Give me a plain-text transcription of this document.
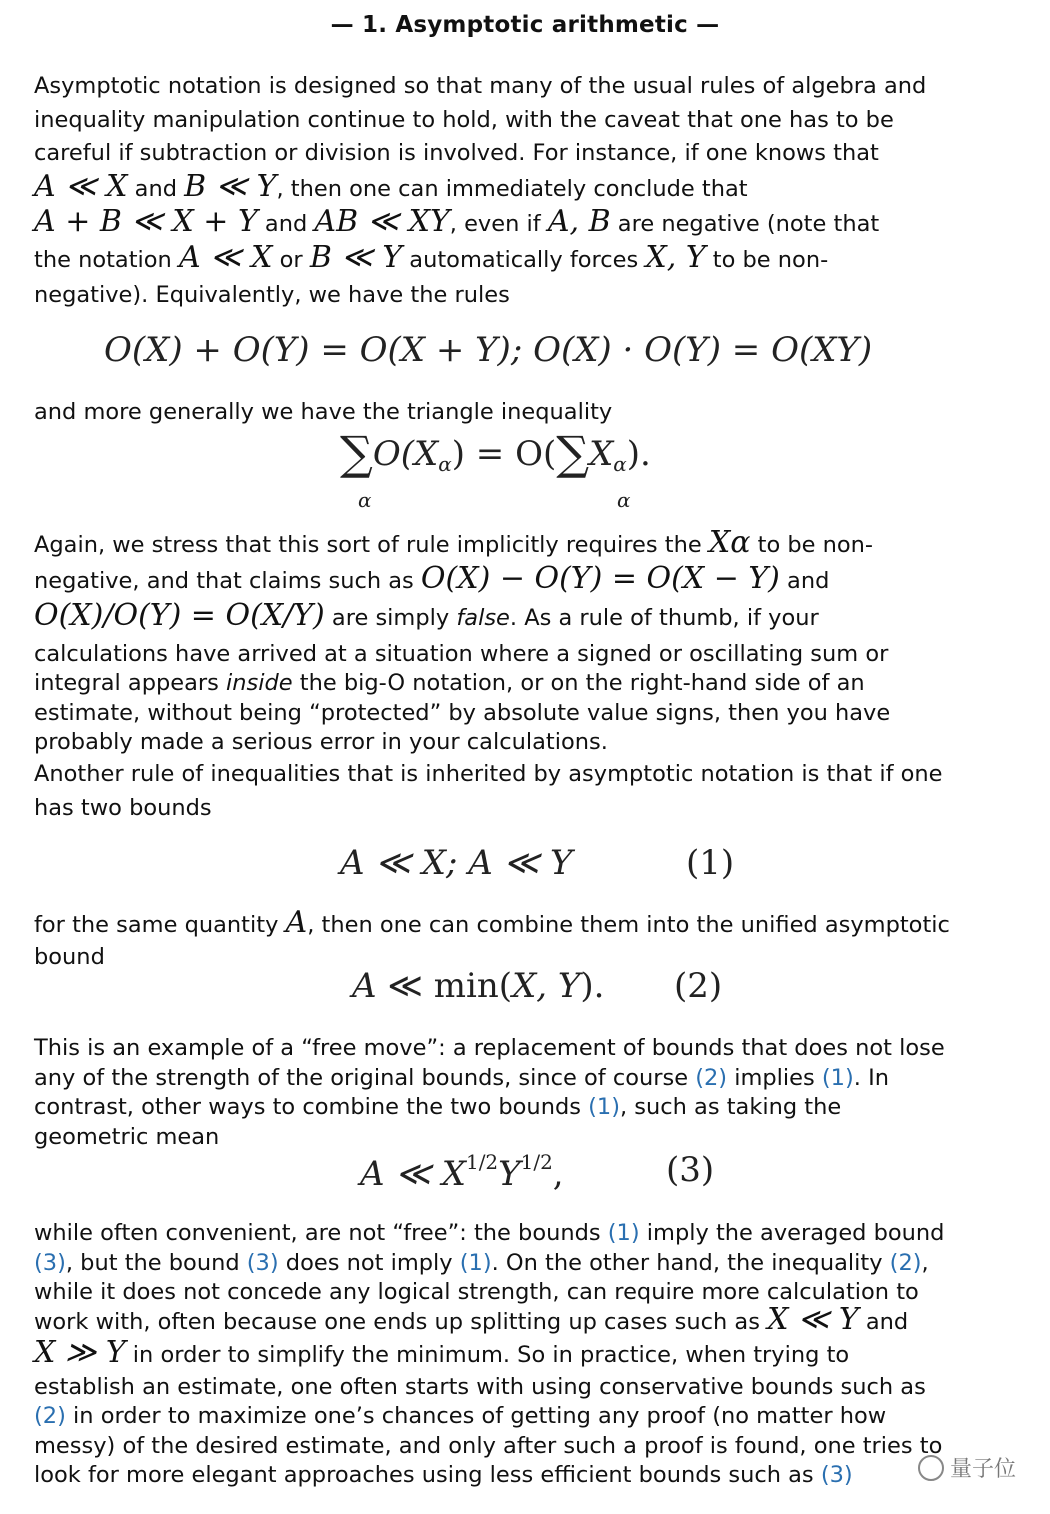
— 1. Asymptotic arithmetic —
Asymptotic notation is designed so that many of the usual rules of algebra and
inequality manipulation continue to hold, with the caveat that one has to be
careful if subtraction or division is involved. For instance, if one knows that
A ≪ X and B ≪ Y, then one can immediately conclude that
A + B ≪ X + Y and AB ≪ XY, even if A, B are negative (note that
the notation A ≪ X or B ≪ Y automatically forces X, Y to be non-
negative). Equivalently, we have the rules
O(X) + O(Y) = O(X + Y); O(X) · O(Y) = O(XY)
and more generally we have the triangle inequality
$\sum O(X_\alpha) = O(\sum X_\alpha)$.
α	α
Again, we stress that this sort of rule implicitly requires the Xα to be non-
negative, and that claims such as O(X) − O(Y) = O(X − Y) and
O(X)/O(Y) = O(X/Y) are simply false. As a rule of thumb, if your
calculations have arrived at a situation where a signed or oscillating sum or
integral appears inside the big-O notation, or on the right-hand side of an
estimate, without being “protected” by absolute value signs, then you have
probably made a serious error in your calculations.
Another rule of inequalities that is inherited by asymptotic notation is that if one
has two bounds
A ≪ X; A ≪ Y	(1)
for the same quantity A, then one can combine them into the unified asymptotic
bound
A ≪ min(X, Y). (2)
This is an example of a “free move”: a replacement of bounds that does not lose
any of the strength of the original bounds, since of course (2) implies (1). In
contrast, other ways to combine the two bounds (1), such as taking the
geometric mean
A ≪ $X^{1/2}Y^{1/2}$,	(3)
while often convenient, are not “free”: the bounds (1) imply the averaged bound
(3), but the bound (3) does not imply (1). On the other hand, the inequality (2),
while it does not concede any logical strength, can require more calculation to
work with, often because one ends up splitting up cases such as X ≪ Y and
X ≫ Y in order to simplify the minimum. So in practice, when trying to
establish an estimate, one often starts with using conservative bounds such as
(2) in order to maximize one’s chances of getting any proof (no matter how
messy) of the desired estimate, and only after such a proof is found, one tries to
look for more elegant approaches using less efficient bounds such as (3)	量子位
